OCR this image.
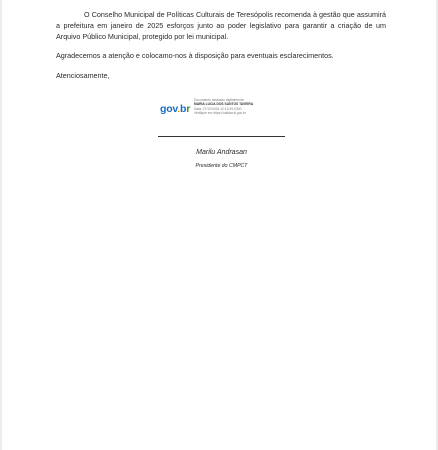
O Conselho Municipal de Políticas Culturais de Teresópolis recomenda à gestão que assumirá a prefeitura em janeiro de 2025 esforços junto ao poder legislativo para garantir a criação de um Arquivo Público Municipal, protegido por lei municipal.

Agradecemos a atenção e colocamo-nos à disposição para eventuais esclarecimentos.

Atenciosamente,

gov.br
Documento assinado digitalmente
MARIA LUCIA DOS SANTOS TAVEIRA
Data: 27/12/2024 12:13:29-0300
Verifique em https://validar.iti.gov.br
Marilu Andrasan
Presidente do CMPCT
